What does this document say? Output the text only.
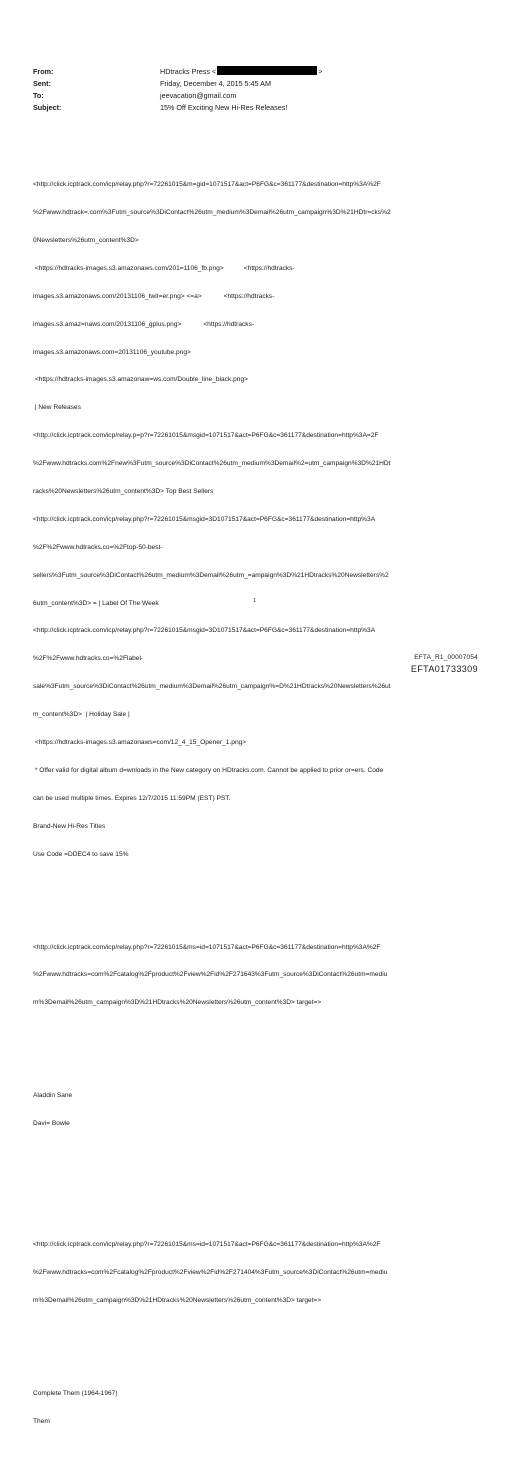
From:	HDtracks Press <	>
Sent:	Friday, December 4, 2015 5:45 AM
To:	jeevacation@gmail.com
Subject:	15% Off Exciting New Hi-Res Releases!

<http://click.icptrack.com/icp/relay.php?r=72261015&m=gid=1071517&act=P6FG&c=361177&destination=http%3A%2F

%2Fwww.hdtrack=.com%3Futm_source%3DiContact%26utm_medium%3Demail%26utm_campaign%3D%21HDtr=cks%2

0Newsletters%26utm_content%3D>

<https://hdtracks-images.s3.amazonaws.com/201=1106_fb.png>           <https://hdtracks-

images.s3.amazonaws.com/20131106_twit=er.png> <=a>            <https://hdtracks-

images.s3.amaz=naws.com/20131106_gplus.png>            <https://hdtracks-

images.s3.amazonaws.com=20131106_youtube.png>

<https://hdtracks-images.s3.amazonaw=ws.com/Double_line_black.png>

| New Releases

<http://click.icptrack.com/icp/relay.p=p?r=72261015&msgid=1071517&act=P6FG&c=361177&destination=http%3A=2F

%2Fwww.hdtracks.com%2Fnew%3Futm_source%3DiContact%26utm_medium%3Demail%2=utm_campaign%3D%21HDt

racks%20Newsletters%26utm_content%3D> Top Best Sellers

<http://click.icptrack.com/icp/relay.php?r=72261015&msgid=3D1071517&act=P6FG&c=361177&destination=http%3A

%2F%2Fwww.hdtracks.co=%2Ftop-50-best-

sellers%3Futm_source%3DiContact%26utm_medium%3Demail%26utm_=ampaign%3D%21HDtracks%20Newsletters%2

6utm_content%3D> = | Label Of The Week

<http://click.icptrack.com/icp/relay.php?r=72261015&msgid=3D1071517&act=P6FG&c=361177&destination=http%3A

%2F%2Fwww.hdtracks.co=%2Flabel-

sale%3Futm_source%3DiContact%26utm_medium%3Demail%26utm_campaign%=D%21HDtracks%20Newsletters%26ut

m_content%3D>  | Holiday Sale |

<https://hdtracks-images.s3.amazonaws=com/12_4_15_Opener_1.png>

* Offer valid for digital album d=wnloads in the New category on HDtracks.com. Cannot be applied to prior or=ers. Code

can be used multiple times. Expires 12/7/2015 11:59PM (EST) PST.

Brand-New Hi-Res Titles

Use Code =DDEC4 to save 15%

<http://click.icptrack.com/icp/relay.php?r=72261015&ms=id=1071517&act=P6FG&c=361177&destination=http%3A%2F

%2Fwww.hdtracks=com%2Fcatalog%2Fproduct%2Fview%2Fid%2F271643%3Futm_source%3DiContact%26utm=mediu

m%3Demail%26utm_campaign%3D%21HDtracks%20Newsletters%26utm_content%3D> target=>

Aladdin Sane

Davi= Bowie

<http://click.icptrack.com/icp/relay.php?r=72261015&ms=id=1071517&act=P6FG&c=361177&destination=http%3A%2F

%2Fwww.hdtracks=com%2Fcatalog%2Fproduct%2Fview%2Fid%2F271404%3Futm_source%3DiContact%26utm=mediu

m%3Demail%26utm_campaign%3D%21HDtracks%20Newsletters%26utm_content%3D> target=>

Complete Them (1964-1967)

Them

1
EFTA_R1_00007054
EFTA01733309
